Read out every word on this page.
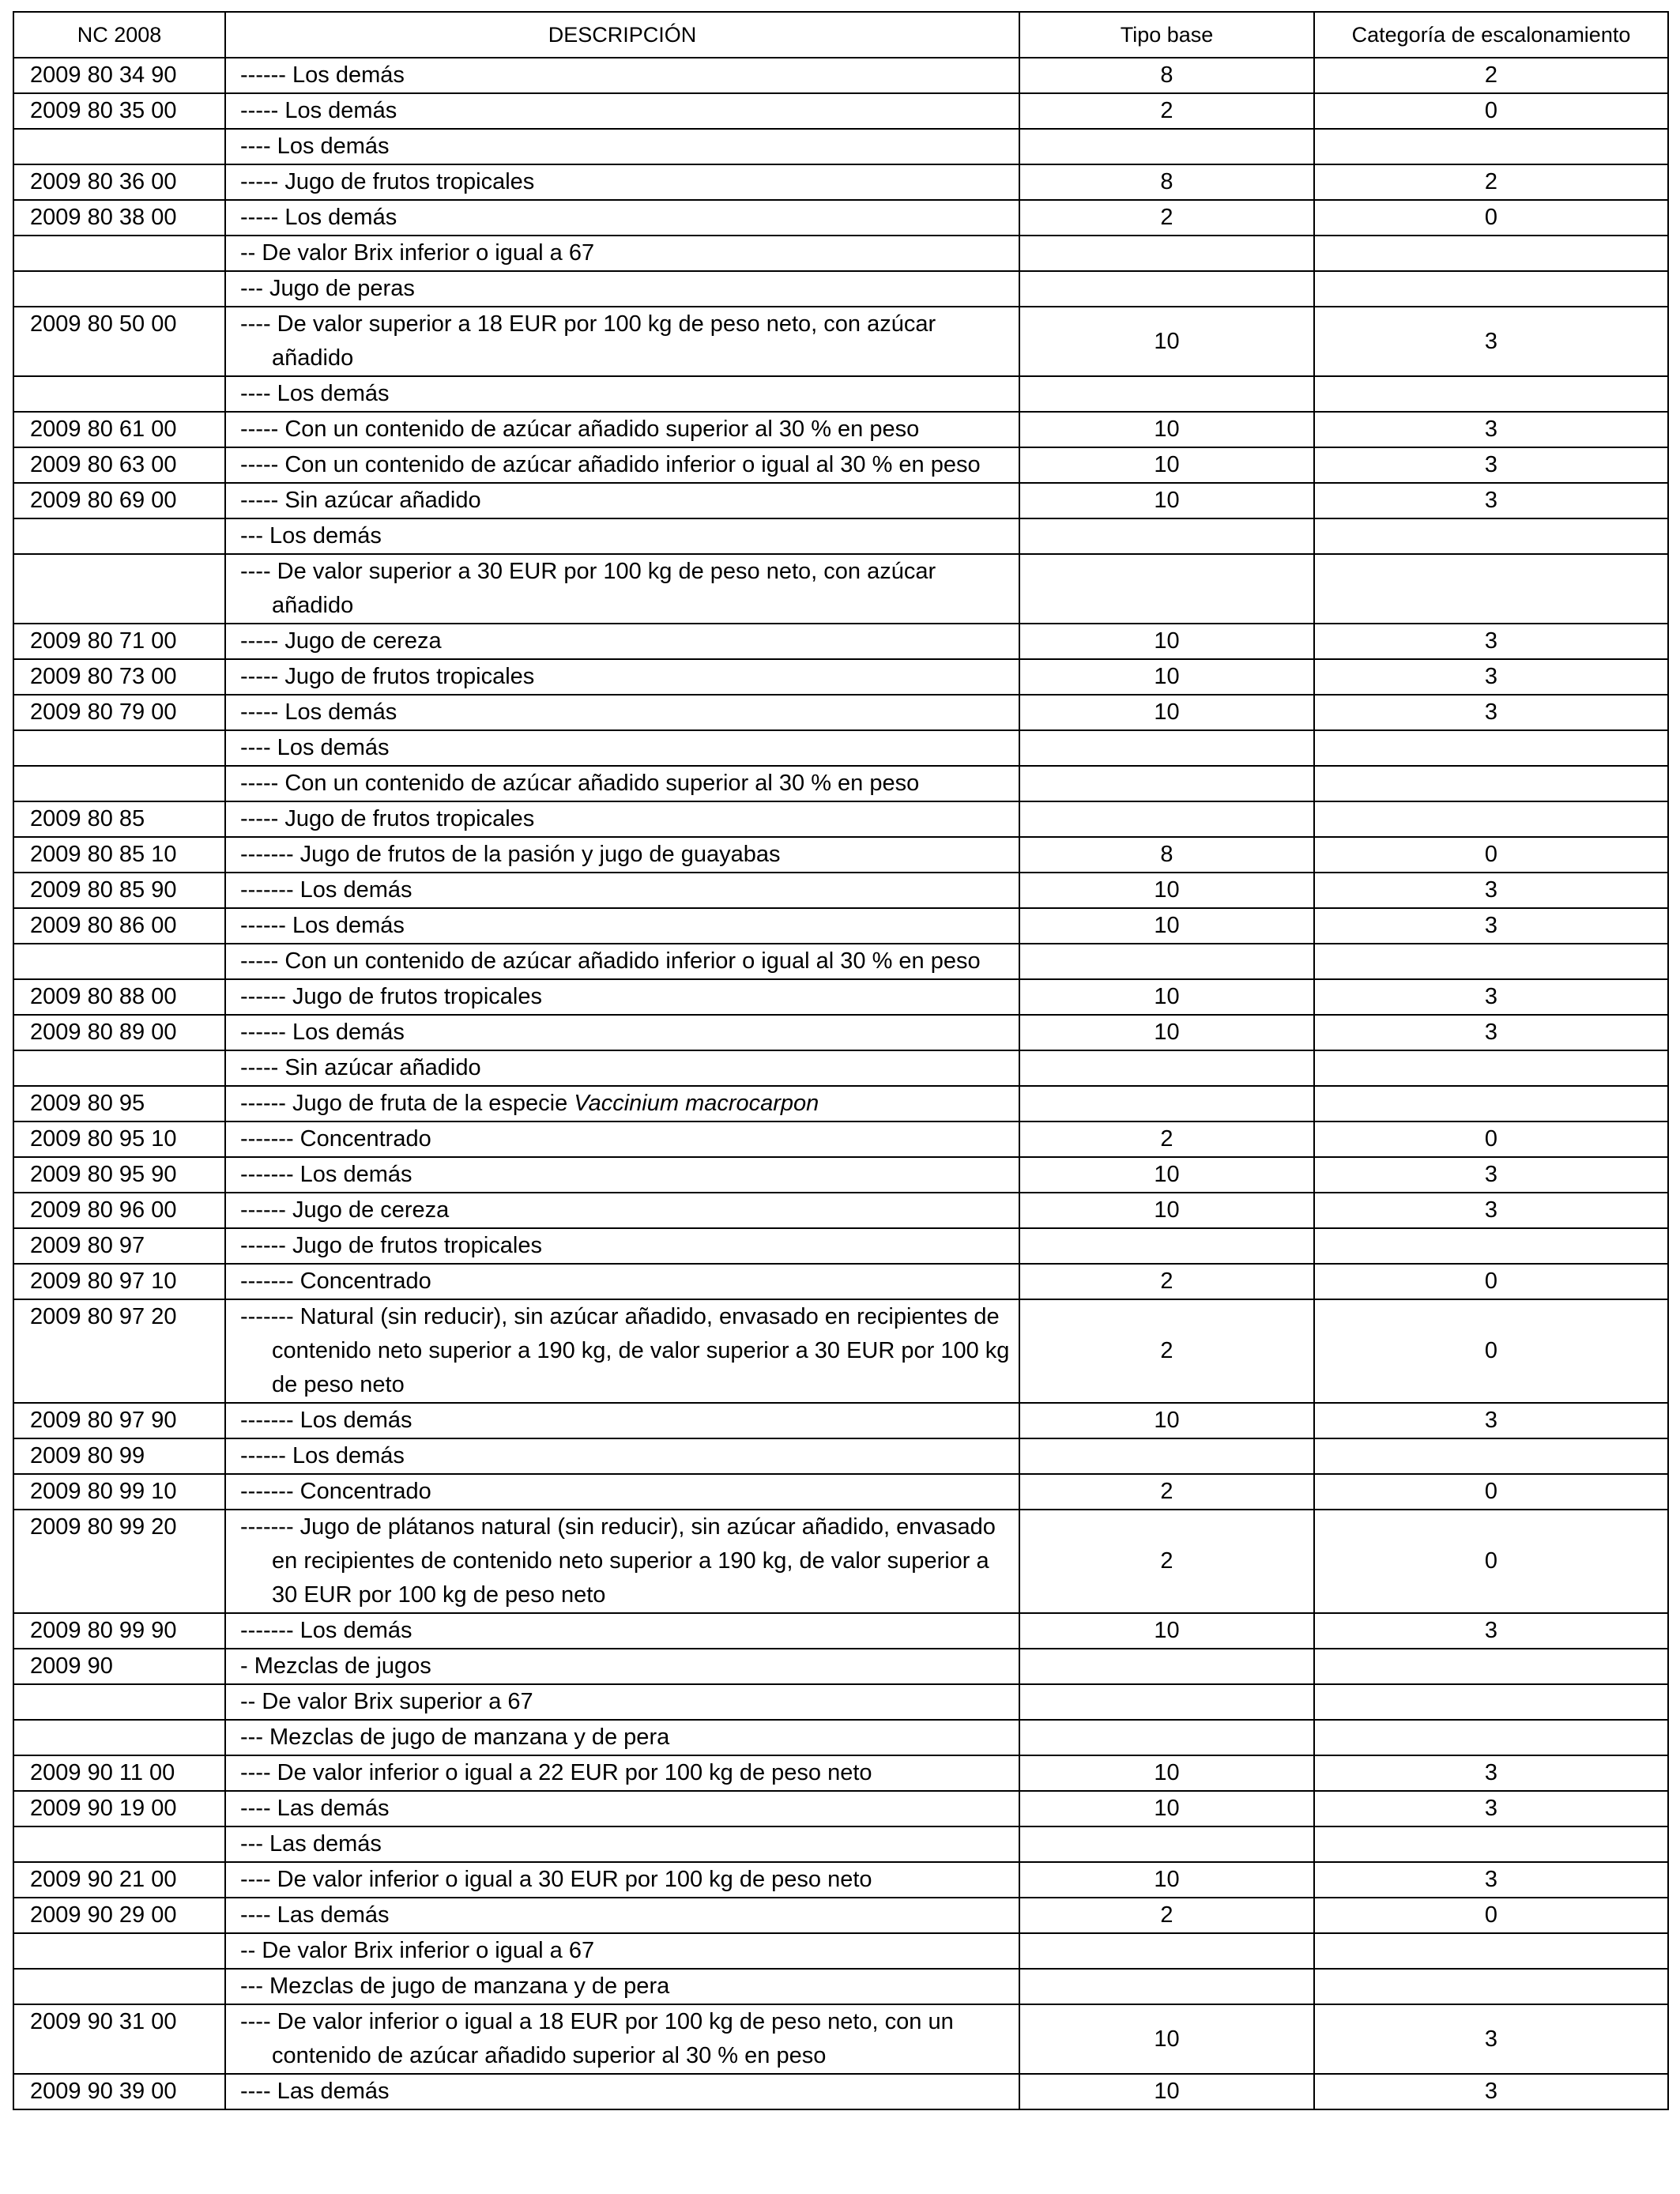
NC 2008	DESCRIPCIÓN	Tipo base	Categoría de escalonamiento
2009 80 34 90	------ Los demás	8	2
2009 80 35 00	----- Los demás	2	0

	---- Los demás		

2009 80 36 00	----- Jugo de frutos tropicales	8	2
2009 80 38 00	----- Los demás	2	0

	-- De valor Brix inferior o igual a 67		

	--- Jugo de peras		

2009 80 50 00	---- De valor superior a 18 EUR por 100 kg de peso neto, con azúcar añadido	10	3

	---- Los demás		

2009 80 61 00	----- Con un contenido de azúcar añadido superior al 30 % en peso	10	3
2009 80 63 00	----- Con un contenido de azúcar añadido inferior o igual al 30 % en peso	10	3
2009 80 69 00	----- Sin azúcar añadido	10	3

	--- Los demás		

	---- De valor superior a 30 EUR por 100 kg de peso neto, con azúcar añadido		

2009 80 71 00	----- Jugo de cereza	10	3
2009 80 73 00	----- Jugo de frutos tropicales	10	3
2009 80 79 00	----- Los demás	10	3

	---- Los demás		

	----- Con un contenido de azúcar añadido superior al 30 % en peso		

2009 80 85	----- Jugo de frutos tropicales		

2009 80 85 10	------- Jugo de frutos de la pasión y jugo de guayabas	8	0
2009 80 85 90	------- Los demás	10	3
2009 80 86 00	------ Los demás	10	3

	----- Con un contenido de azúcar añadido inferior o igual al 30 % en peso		

2009 80 88 00	------ Jugo de frutos tropicales	10	3
2009 80 89 00	------ Los demás	10	3

	----- Sin azúcar añadido		

2009 80 95	------ Jugo de fruta de la especie Vaccinium macrocarpon		

2009 80 95 10	------- Concentrado	2	0
2009 80 95 90	------- Los demás	10	3
2009 80 96 00	------ Jugo de cereza	10	3
2009 80 97	------ Jugo de frutos tropicales		

2009 80 97 10	------- Concentrado	2	0
2009 80 97 20	------- Natural (sin reducir), sin azúcar añadido, envasado en recipientes de contenido neto superior a 190 kg, de valor superior a 30 EUR por 100 kg de peso neto	2	0
2009 80 97 90	------- Los demás	10	3
2009 80 99	------ Los demás		

2009 80 99 10	------- Concentrado	2	0
2009 80 99 20	------- Jugo de plátanos natural (sin reducir), sin azúcar añadido, envasado en recipientes de contenido neto superior a 190 kg, de valor superior a 30 EUR por 100 kg de peso neto	2	0
2009 80 99 90	------- Los demás	10	3
2009 90	- Mezclas de jugos		

	-- De valor Brix superior a 67		

	--- Mezclas de jugo de manzana y de pera		

2009 90 11 00	---- De valor inferior o igual a 22 EUR por 100 kg de peso neto	10	3
2009 90 19 00	---- Las demás	10	3

	--- Las demás		

2009 90 21 00	---- De valor inferior o igual a 30 EUR por 100 kg de peso neto	10	3
2009 90 29 00	---- Las demás	2	0

	-- De valor Brix inferior o igual a 67		

	--- Mezclas de jugo de manzana y de pera		

2009 90 31 00	---- De valor inferior o igual a 18 EUR por 100 kg de peso neto, con un contenido de azúcar añadido superior al 30 % en peso	10	3
2009 90 39 00	---- Las demás	10	3
